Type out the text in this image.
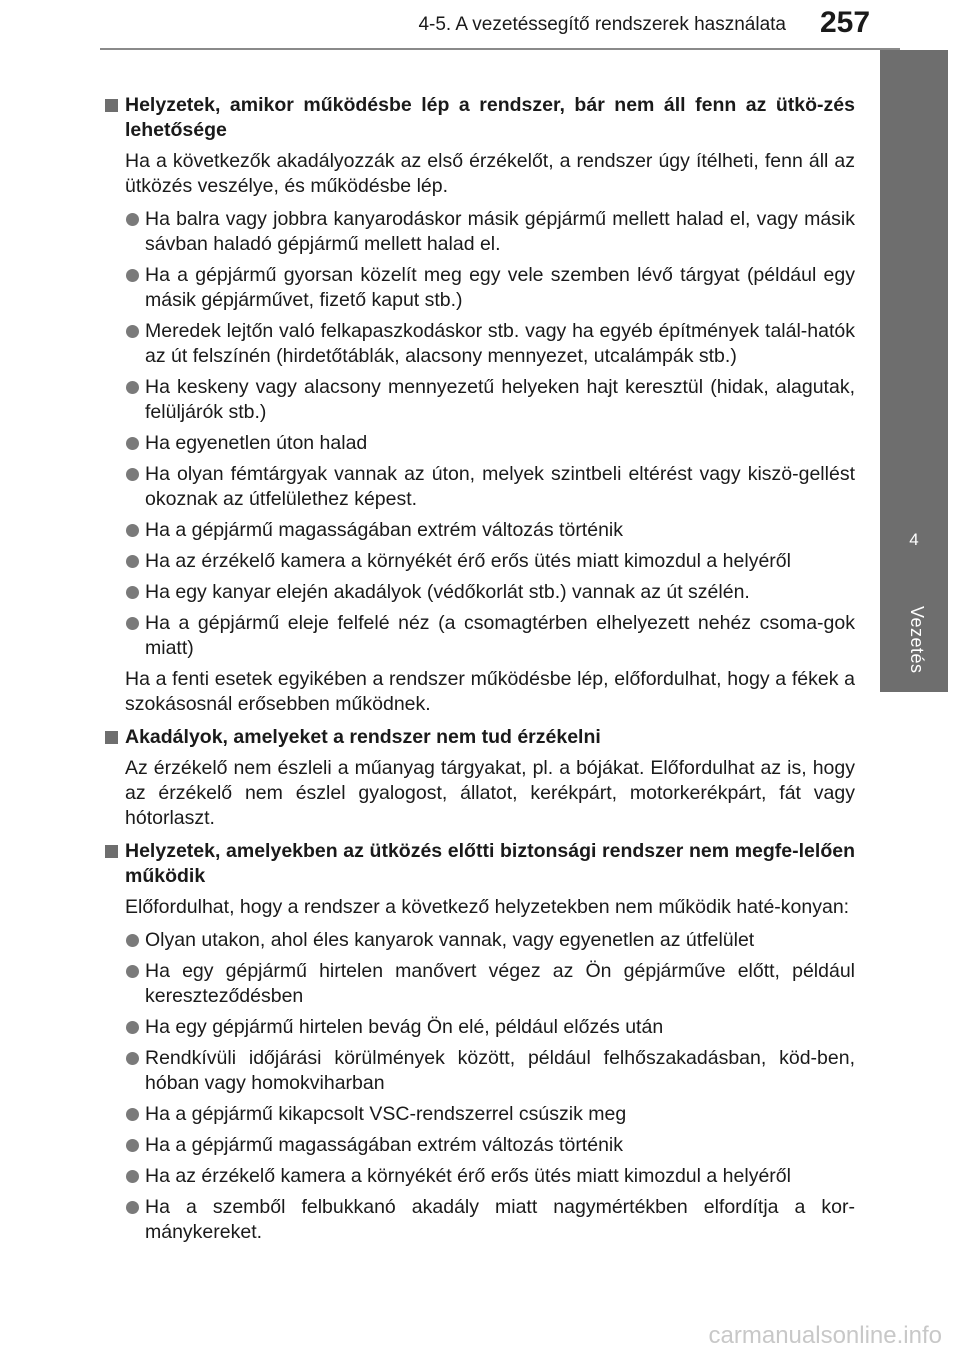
4-5. A vezetéssegítő rendszerek használata 257
4
Vezetés
Helyzetek, amikor működésbe lép a rendszer, bár nem áll fenn az ütkö-zés lehetősége
Ha a következők akadályozzák az első érzékelőt, a rendszer úgy ítélheti, fenn áll az ütközés veszélye, és működésbe lép.
Ha balra vagy jobbra kanyarodáskor másik gépjármű mellett halad el, vagy másik sávban haladó gépjármű mellett halad el.
Ha a gépjármű gyorsan közelít meg egy vele szemben lévő tárgyat (például egy másik gépjárművet, fizető kaput stb.)
Meredek lejtőn való felkapaszkodáskor stb. vagy ha egyéb építmények talál-hatók az út felszínén (hirdetőtáblák, alacsony mennyezet, utcalámpák stb.)
Ha keskeny vagy alacsony mennyezetű helyeken hajt keresztül (hidak, alagutak, felüljárók stb.)
Ha egyenetlen úton halad
Ha olyan fémtárgyak vannak az úton, melyek szintbeli eltérést vagy kiszö-gellést okoznak az útfelülethez képest.
Ha a gépjármű magasságában extrém változás történik
Ha az érzékelő kamera a környékét érő erős ütés miatt kimozdul a helyéről
Ha egy kanyar elején akadályok (védőkorlát stb.) vannak az út szélén.
Ha a gépjármű eleje felfelé néz (a csomagtérben elhelyezett nehéz csoma-gok miatt)
Ha a fenti esetek egyikében a rendszer működésbe lép, előfordulhat, hogy a fékek a szokásosnál erősebben működnek.
Akadályok, amelyeket a rendszer nem tud érzékelni
Az érzékelő nem észleli a műanyag tárgyakat, pl. a bójákat. Előfordulhat az is, hogy az érzékelő nem észlel gyalogost, állatot, kerékpárt, motorkerékpárt, fát vagy hótorlaszt.
Helyzetek, amelyekben az ütközés előtti biztonsági rendszer nem megfe-lelően működik
Előfordulhat, hogy a rendszer a következő helyzetekben nem működik haté-konyan:
Olyan utakon, ahol éles kanyarok vannak, vagy egyenetlen az útfelület
Ha egy gépjármű hirtelen manővert végez az Ön gépjárműve előtt, például kereszteződésben
Ha egy gépjármű hirtelen bevág Ön elé, például előzés után
Rendkívüli időjárási körülmények között, például felhőszakadásban, köd-ben, hóban vagy homokviharban
Ha a gépjármű kikapcsolt VSC-rendszerrel csúszik meg
Ha a gépjármű magasságában extrém változás történik
Ha az érzékelő kamera a környékét érő erős ütés miatt kimozdul a helyéről
Ha a szemből felbukkanó akadály miatt nagymértékben elfordítja a kor-mánykereket.
carmanualsonline.info
